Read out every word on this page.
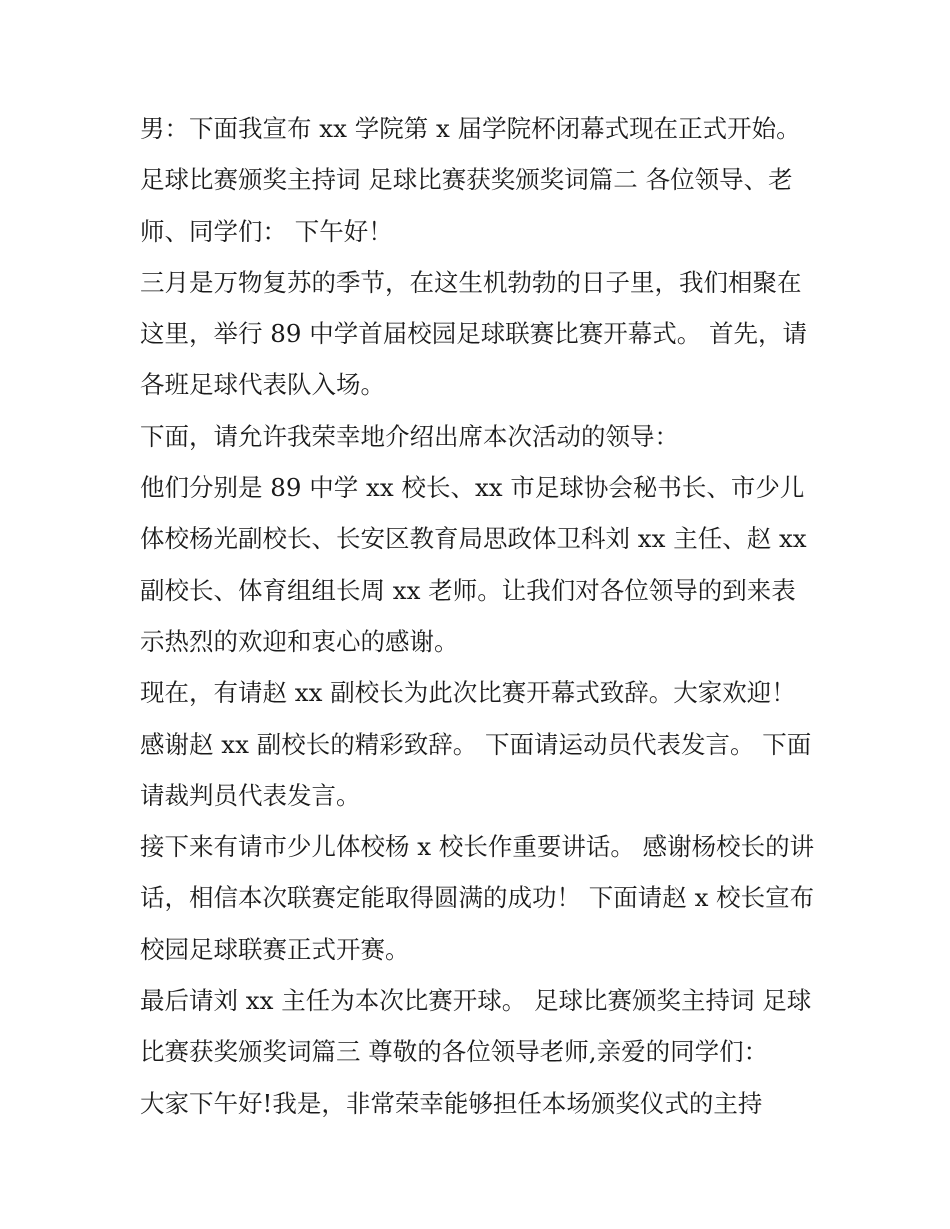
男：下面我宣布 xx 学院第 x 届学院杯闭幕式现在正式开始。

足球比赛颁奖主持词 足球比赛获奖颁奖词篇二 各位领导、老师、同学们： 下午好！

三月是万物复苏的季节，在这生机勃勃的日子里，我们相聚在这里，举行 89 中学首届校园足球联赛比赛开幕式。 首先，请各班足球代表队入场。

下面，请允许我荣幸地介绍出席本次活动的领导：

他们分别是 89 中学 xx 校长、xx 市足球协会秘书长、市少儿体校杨光副校长、长安区教育局思政体卫科刘 xx 主任、赵 xx 副校长、体育组组长周 xx 老师。让我们对各位领导的到来表示热烈的欢迎和衷心的感谢。

现在，有请赵 xx 副校长为此次比赛开幕式致辞。大家欢迎！

感谢赵 xx 副校长的精彩致辞。 下面请运动员代表发言。 下面请裁判员代表发言。

接下来有请市少儿体校杨 x 校长作重要讲话。 感谢杨校长的讲话，相信本次联赛定能取得圆满的成功！ 下面请赵 x 校长宣布校园足球联赛正式开赛。

最后请刘 xx 主任为本次比赛开球。 足球比赛颁奖主持词 足球比赛获奖颁奖词篇三 尊敬的各位领导老师,亲爱的同学们：

大家下午好!我是，非常荣幸能够担任本场颁奖仪式的主持
